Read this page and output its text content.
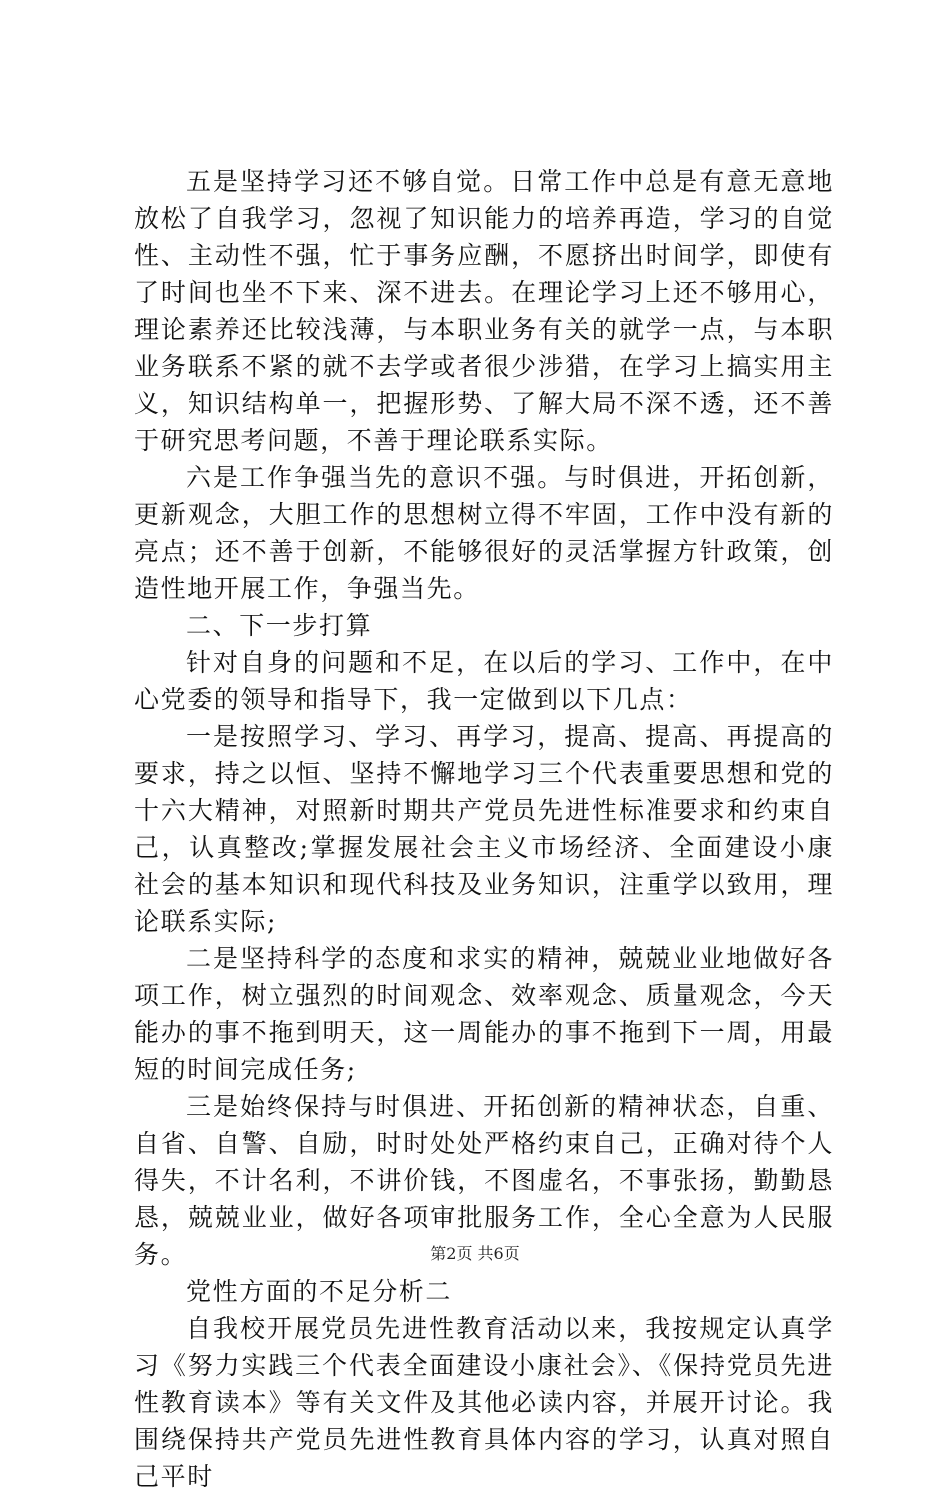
五是坚持学习还不够自觉。日常工作中总是有意无意地放松了自我学习，忽视了知识能力的培养再造，学习的自觉性、主动性不强，忙于事务应酬，不愿挤出时间学，即使有了时间也坐不下来、深不进去。在理论学习上还不够用心，理论素养还比较浅薄，与本职业务有关的就学一点，与本职业务联系不紧的就不去学或者很少涉猎，在学习上搞实用主义，知识结构单一，把握形势、了解大局不深不透，还不善于研究思考问题，不善于理论联系实际。

六是工作争强当先的意识不强。与时俱进，开拓创新，更新观念，大胆工作的思想树立得不牢固，工作中没有新的亮点；还不善于创新，不能够很好的灵活掌握方针政策，创造性地开展工作，争强当先。

二、下一步打算

针对自身的问题和不足，在以后的学习、工作中，在中心党委的领导和指导下，我一定做到以下几点：

一是按照学习、学习、再学习，提高、提高、再提高的要求，持之以恒、坚持不懈地学习三个代表重要思想和党的十六大精神，对照新时期共产党员先进性标准要求和约束自己，认真整改;掌握发展社会主义市场经济、全面建设小康社会的基本知识和现代科技及业务知识，注重学以致用，理论联系实际;

二是坚持科学的态度和求实的精神，兢兢业业地做好各项工作，树立强烈的时间观念、效率观念、质量观念，今天能办的事不拖到明天，这一周能办的事不拖到下一周，用最短的时间完成任务;

三是始终保持与时俱进、开拓创新的精神状态，自重、自省、自警、自励，时时处处严格约束自己，正确对待个人得失，不计名利，不讲价钱，不图虚名，不事张扬，勤勤恳恳，兢兢业业，做好各项审批服务工作，全心全意为人民服务。

党性方面的不足分析二

自我校开展党员先进性教育活动以来，我按规定认真学习《努力实践三个代表全面建设小康社会》、《保持党员先进性教育读本》等有关文件及其他必读内容，并展开讨论。我围绕保持共产党员先进性教育具体内容的学习，认真对照自己平时

第2页 共6页
